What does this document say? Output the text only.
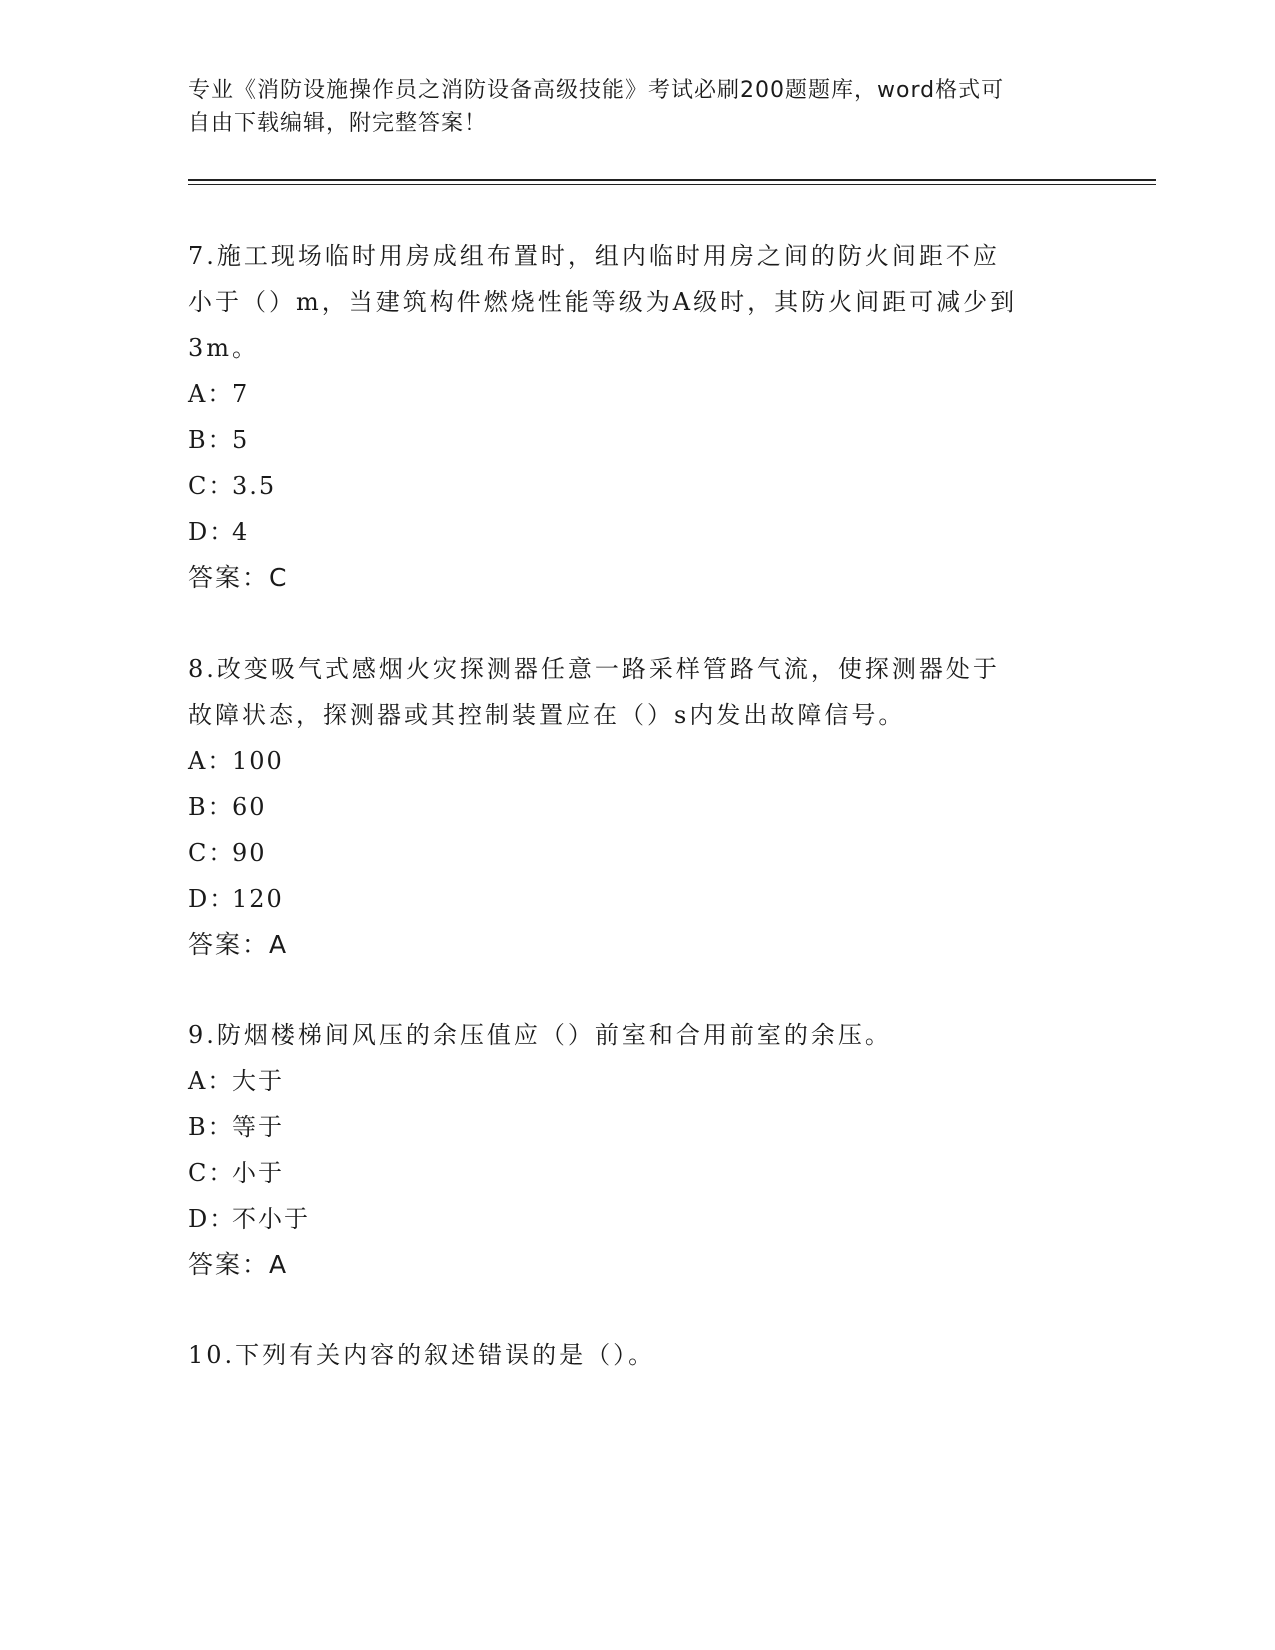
专业《消防设施操作员之消防设备高级技能》考试必刷200题题库，word格式可
自由下载编辑，附完整答案！
7.施工现场临时用房成组布置时，组内临时用房之间的防火间距不应
小于（）m，当建筑构件燃烧性能等级为A级时，其防火间距可减少到
3m。
A：7
B：5
C：3.5
D：4
答案：C
8.改变吸气式感烟火灾探测器任意一路采样管路气流，使探测器处于
故障状态，探测器或其控制装置应在（）s内发出故障信号。
A：100
B：60
C：90
D：120
答案：A
9.防烟楼梯间风压的余压值应（）前室和合用前室的余压。
A：大于
B：等于
C：小于
D：不小于
答案：A
10.下列有关内容的叙述错误的是（）。
